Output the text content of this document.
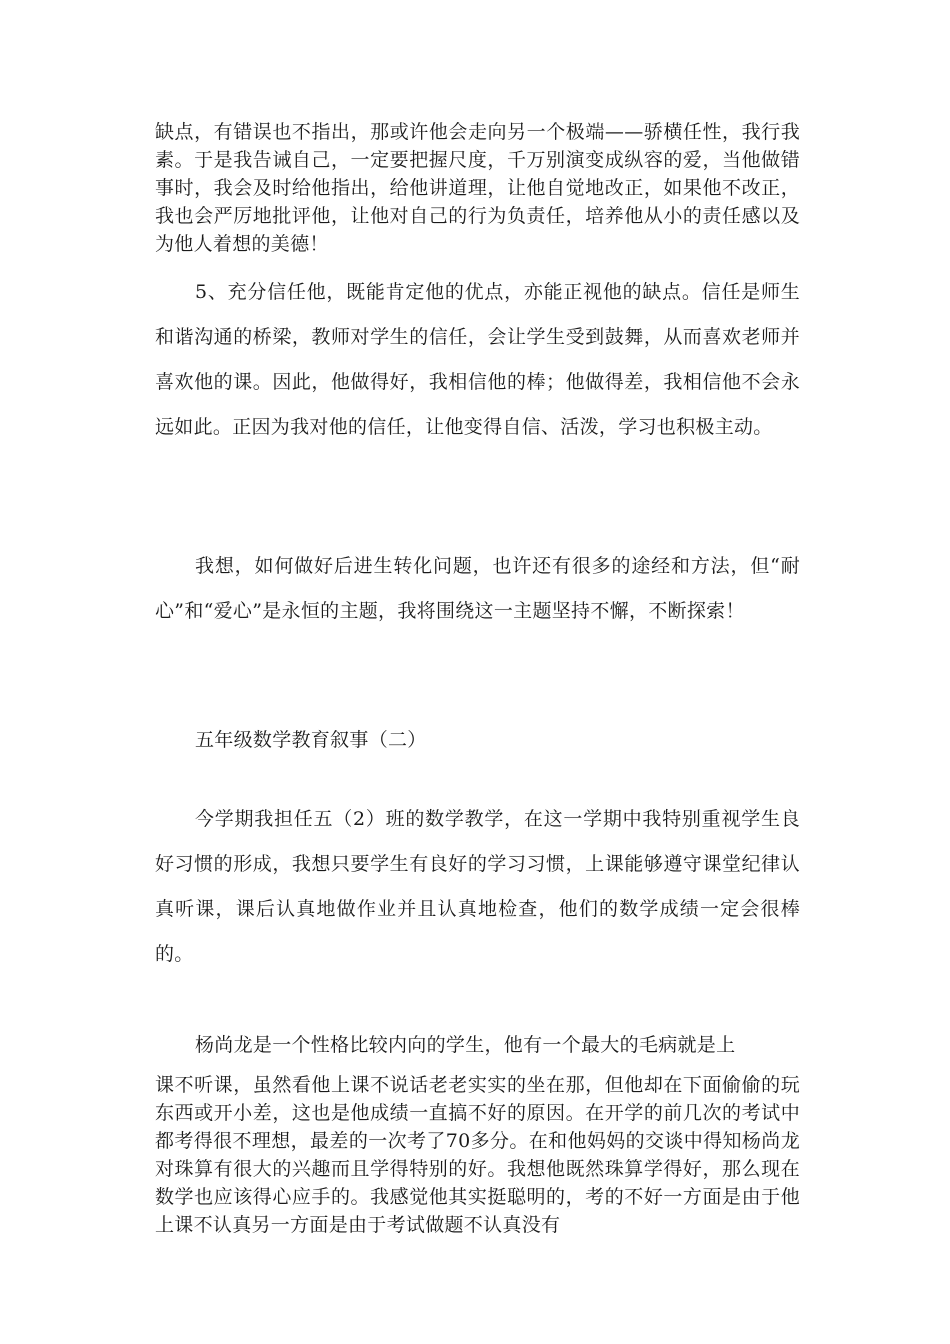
缺点，有错误也不指出，那或许他会走向另一个极端——骄横任性，我行我素。于是我告诫自己，一定要把握尺度，千万别演变成纵容的爱，当他做错事时，我会及时给他指出，给他讲道理，让他自觉地改正，如果他不改正，我也会严厉地批评他，让他对自己的行为负责任，培养他从小的责任感以及为他人着想的美德！

5、充分信任他，既能肯定他的优点，亦能正视他的缺点。信任是师生和谐沟通的桥梁，教师对学生的信任，会让学生受到鼓舞，从而喜欢老师并喜欢他的课。因此，他做得好，我相信他的棒；他做得差，我相信他不会永远如此。正因为我对他的信任，让他变得自信、活泼，学习也积极主动。

我想，如何做好后进生转化问题，也许还有很多的途经和方法，但“耐心”和“爱心”是永恒的主题，我将围绕这一主题坚持不懈，不断探索！

五年级数学教育叙事（二）

今学期我担任五（2）班的数学教学，在这一学期中我特别重视学生良好习惯的形成，我想只要学生有良好的学习习惯，上课能够遵守课堂纪律认真听课，课后认真地做作业并且认真地检查，他们的数学成绩一定会很棒的。

杨尚龙是一个性格比较内向的学生，他有一个最大的毛病就是上

课不听课，虽然看他上课不说话老老实实的坐在那，但他却在下面偷偷的玩东西或开小差，这也是他成绩一直搞不好的原因。在开学的前几次的考试中都考得很不理想，最差的一次考了70多分。在和他妈妈的交谈中得知杨尚龙对珠算有很大的兴趣而且学得特别的好。我想他既然珠算学得好，那么现在数学也应该得心应手的。我感觉他其实挺聪明的，考的不好一方面是由于他上课不认真另一方面是由于考试做题不认真没有
